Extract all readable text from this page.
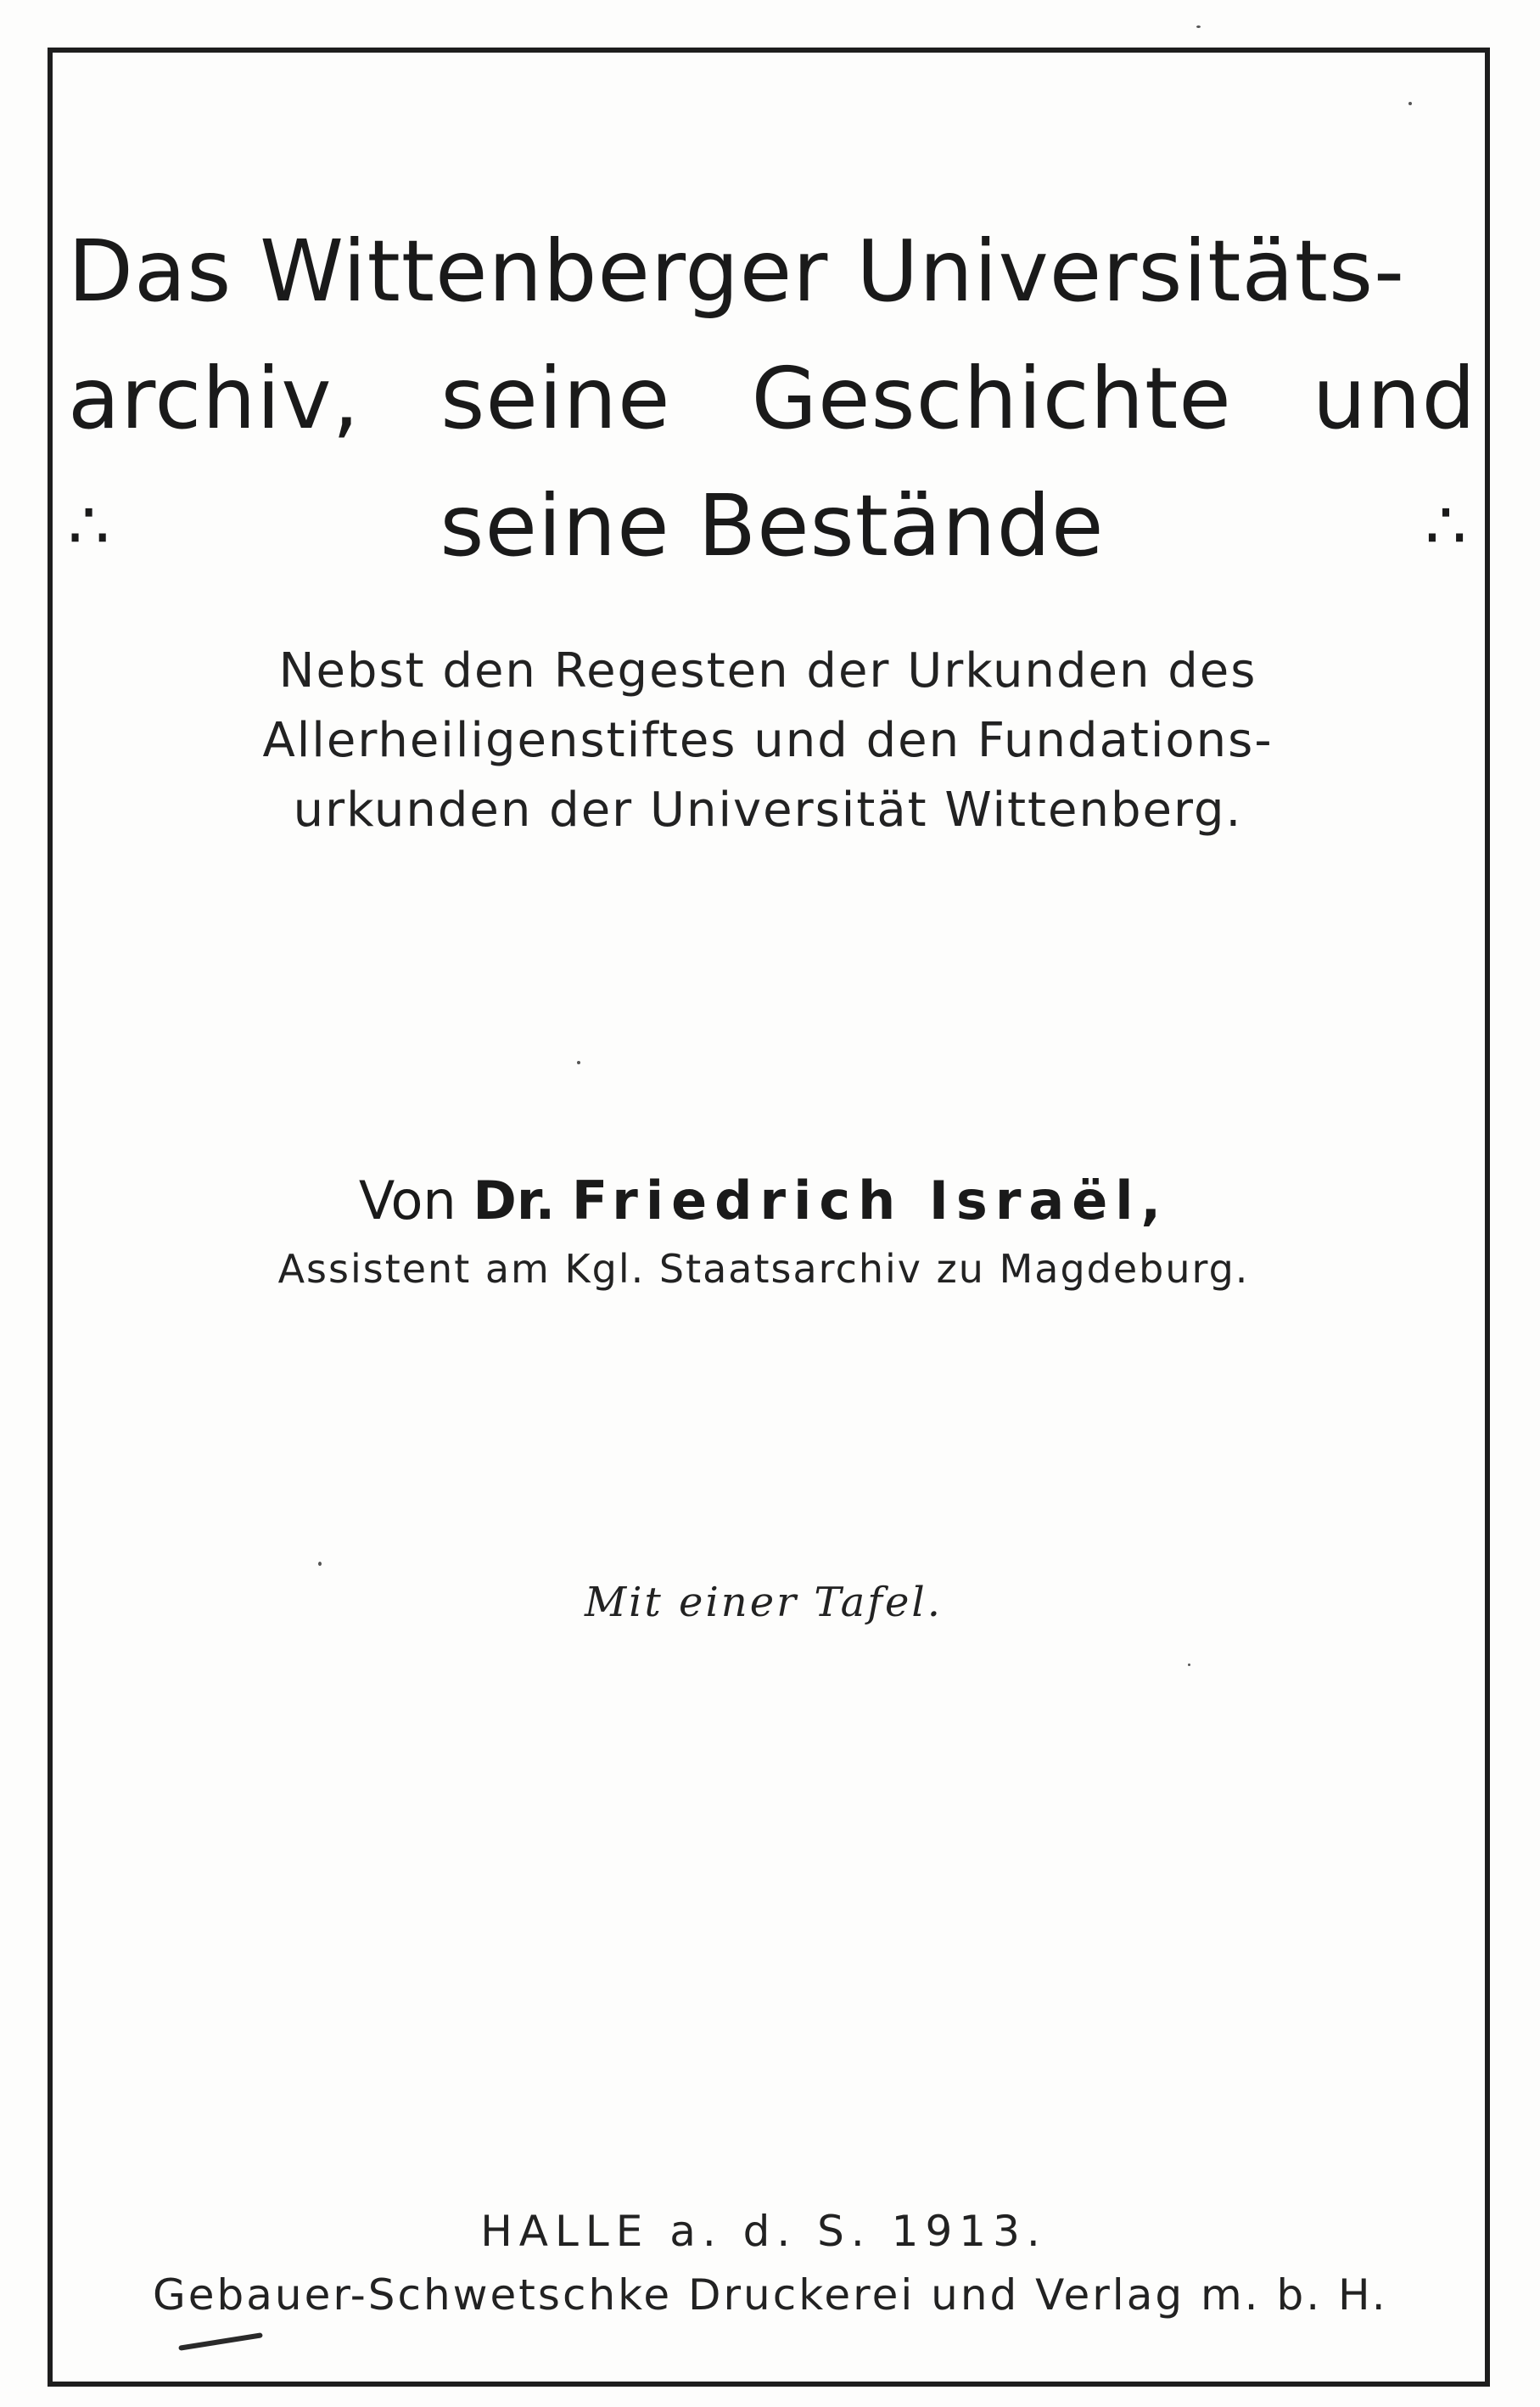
Das Wittenberger Universitäts-
archiv, seine Geschichte und
∴	seine Bestände	∴
Nebst den Regesten der Urkunden des
Allerheiligenstiftes und den Fundations-
urkunden der Universität Wittenberg.
Von Dr. Friedrich Israël,
Assistent am Kgl. Staatsarchiv zu Magdeburg.
Mit einer Tafel.
HALLE a. d. S. 1913.
Gebauer-Schwetschke Druckerei und Verlag m. b. H.
